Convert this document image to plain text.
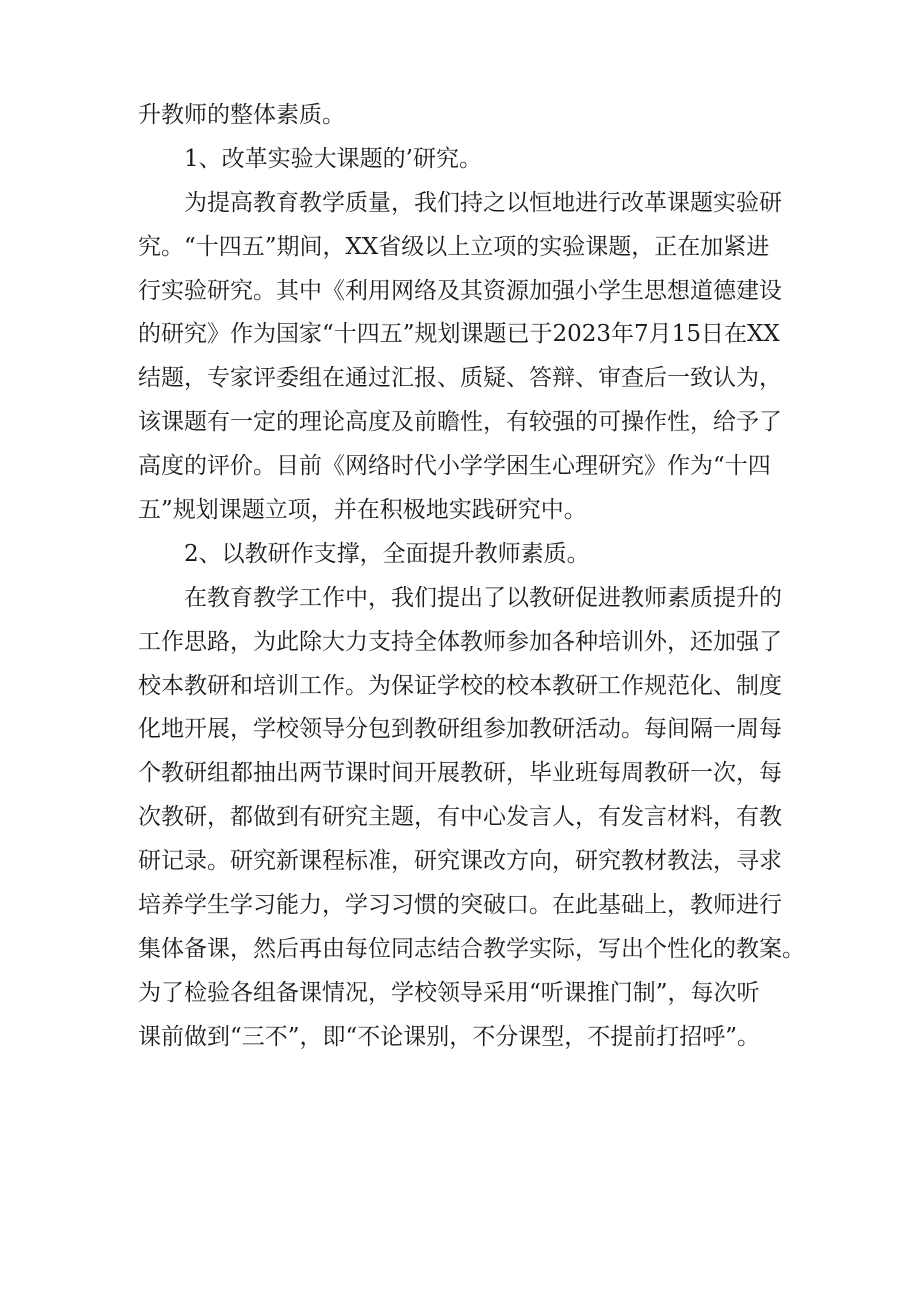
升教师的整体素质。
1、改革实验大课题的’研究。
为提高教育教学质量，我们持之以恒地进行改革课题实验研
究。“十四五”期间，XX省级以上立项的实验课题，正在加紧进
行实验研究。其中《利用网络及其资源加强小学生思想道德建设
的研究》作为国家“十四五”规划课题已于2023年7月15日在XX
结题，专家评委组在通过汇报、质疑、答辩、审查后一致认为，
该课题有一定的理论高度及前瞻性，有较强的可操作性，给予了
高度的评价。目前《网络时代小学学困生心理研究》作为“十四
五”规划课题立项，并在积极地实践研究中。
2、以教研作支撑，全面提升教师素质。
在教育教学工作中，我们提出了以教研促进教师素质提升的
工作思路，为此除大力支持全体教师参加各种培训外，还加强了
校本教研和培训工作。为保证学校的校本教研工作规范化、制度
化地开展，学校领导分包到教研组参加教研活动。每间隔一周每
个教研组都抽出两节课时间开展教研，毕业班每周教研一次，每
次教研，都做到有研究主题，有中心发言人，有发言材料，有教
研记录。研究新课程标准，研究课改方向，研究教材教法，寻求
培养学生学习能力，学习习惯的突破口。在此基础上，教师进行
集体备课，然后再由每位同志结合教学实际，写出个性化的教案。
为了检验各组备课情况，学校领导采用“听课推门制”，每次听
课前做到“三不”，即“不论课别，不分课型，不提前打招呼”。
